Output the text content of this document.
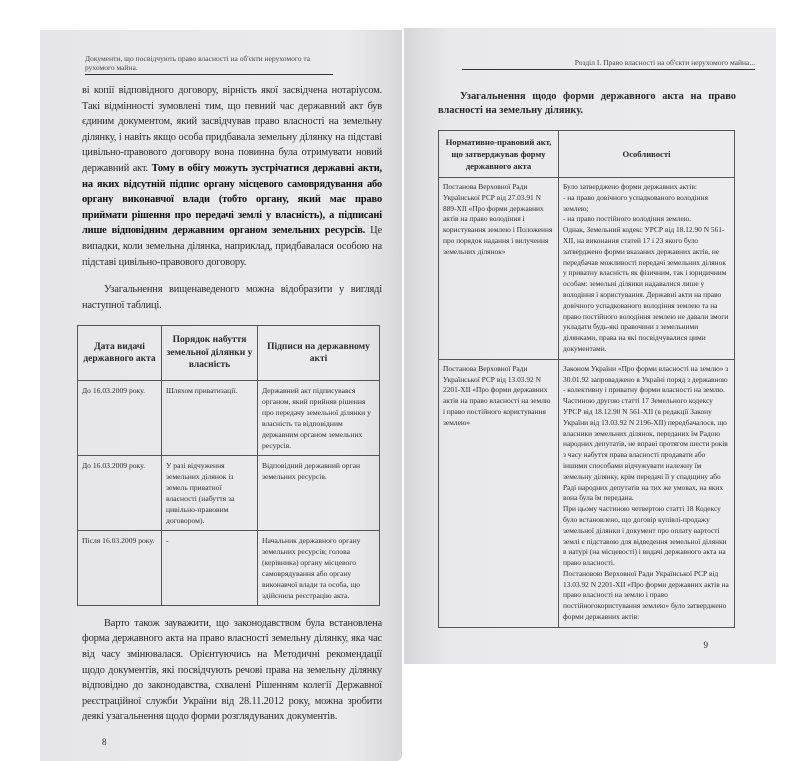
Документи, що посвідчують право власності на об'єкти нерухомого та рухомого майна.

ві копії відповідного договору, вірність якої засвідчена нотаріусом. Такі відмінності зумовлені тим, що певний час державний акт був єдиним документом, який засвідчував право власності на земельну ділянку, і навіть якщо особа придбавала земельну ділянку на підставі цивільно-правового договору вона повинна була отримувати новий державний акт. Тому в обігу можуть зустрічатися державні акти, на яких відсутній підпис органу місцевого самоврядування або органу виконавчої влади (тобто органу, який має право приймати рішення про передачі землі у власність), а підписані лише відповідним державним органом земельних ресурсів. Це випадки, коли земельна ділянка, наприклад, придбавалася особою на підставі цивільно-правового договору.

Узагальнення вищенаведеного можна відобразити у вигляді наступної таблиці.

Дата видачі державного акта	Порядок набуття земельної ділянки у власність	Підписи на державному акті
До 16.03.2009 року.	Шляхом приватизації.	Державний акт підписувався органом, який прийняв рішення про передачу земельної ділянки у власність та відповідним державним органом земельних ресурсів.
До 16.03.2009 року.	У разі відчуження земельних ділянок із земель приватної власності (набуття за цивільно-правовим договором).	Відповідний державний орган земельних ресурсів.
Після 16.03.2009 року.	-	Начальник державного органу земельних ресурсів; голова (керівника) органу місцевого самоврядування або органу виконавчої влади та особа, що здійснила реєстрацію акта.

Варто також зауважити, що законодавством була встановлена форма державного акта на право власності земельну ділянку, яка час від часу змінювалася. Орієнтуючись на Методичні рекомендації щодо документів, які посвідчують речові права на земельну ділянку відповідно до законодавства, схвалені Рішенням колегії Державної реєстраційної служби України від 28.11.2012 року, можна зробити деякі узагальнення щодо форми розглядуваних документів.

8
Розділ I. Право власності на об'єкти нерухомого майна...
Узагальнення щодо форми державного акта на право власності на земельну ділянку.
Нормативно-правовий акт, що затверджував форму державного акта	Особливості
Постанова Верховної Ради Української РСР від 27.03.91 N 889-XII «Про форми державних актів на право володіння і користування землею і Положення про порядок надання і вилучення земельних ділянок»	Було затверджено форми державних актів:
- на право довічного успадкованого володіння землею;
- на право постійного володіння землею.
Однак, Земельний кодекс УРСР від 18.12.90 N 561-XII, на виконання статей 17 і 23 якого було затверджено форми вказаних державних актів, не передбачав можливості передачі земельних ділянок у приватну власність як фізичним, так і юридичним особам: земельні ділянки надавалися лише у володіння і користування. Державні акти на право довічного успадкованого володіння землею та на право постійного володіння землею не давали змоги укладати будь-які правочини з земельними ділянками, права на які посвідчувалися цими документами.
Постанова Верховної Ради Української РСР від 13.03.92 N 2201-XII «Про форми державних актів на право власності на землю і право постійного користування землею»	Законом України «Про форми власності на землю» з 30.01.92 запроваджено в Україні поряд з державною - колективну і приватну форми власності на землю. Частиною другою статті 17 Земельного кодексу УРСР від 18.12.90 N 561-XII (в редакції Закону України від 13.03.92 N 2196-XII) передбачалося, що власники земельних ділянок, переданих їм Радою народних депутатів, не вправі протягом шести років з часу набуття права власності продавати або іншими способами відчужувати належну їм земельну ділянку, крім передачі її у спадщину або Раді народних депутатів на тих же умовах, на яких вона була їм передана.
При цьому частиною четвертою статті 18 Кодексу було встановлено, що договір купівлі-продажу земельної ділянки і документ про оплату вартості землі є підставою для відведення земельної ділянки в натурі (на місцевості) і видачі державного акта на право власності.
Постановою Верховної Ради Української РСР від 13.03.92 N 2201-XII «Про форми державних актів на право власності на землю і право постійногокористування землею» було затверджено форми державних актів:
9
